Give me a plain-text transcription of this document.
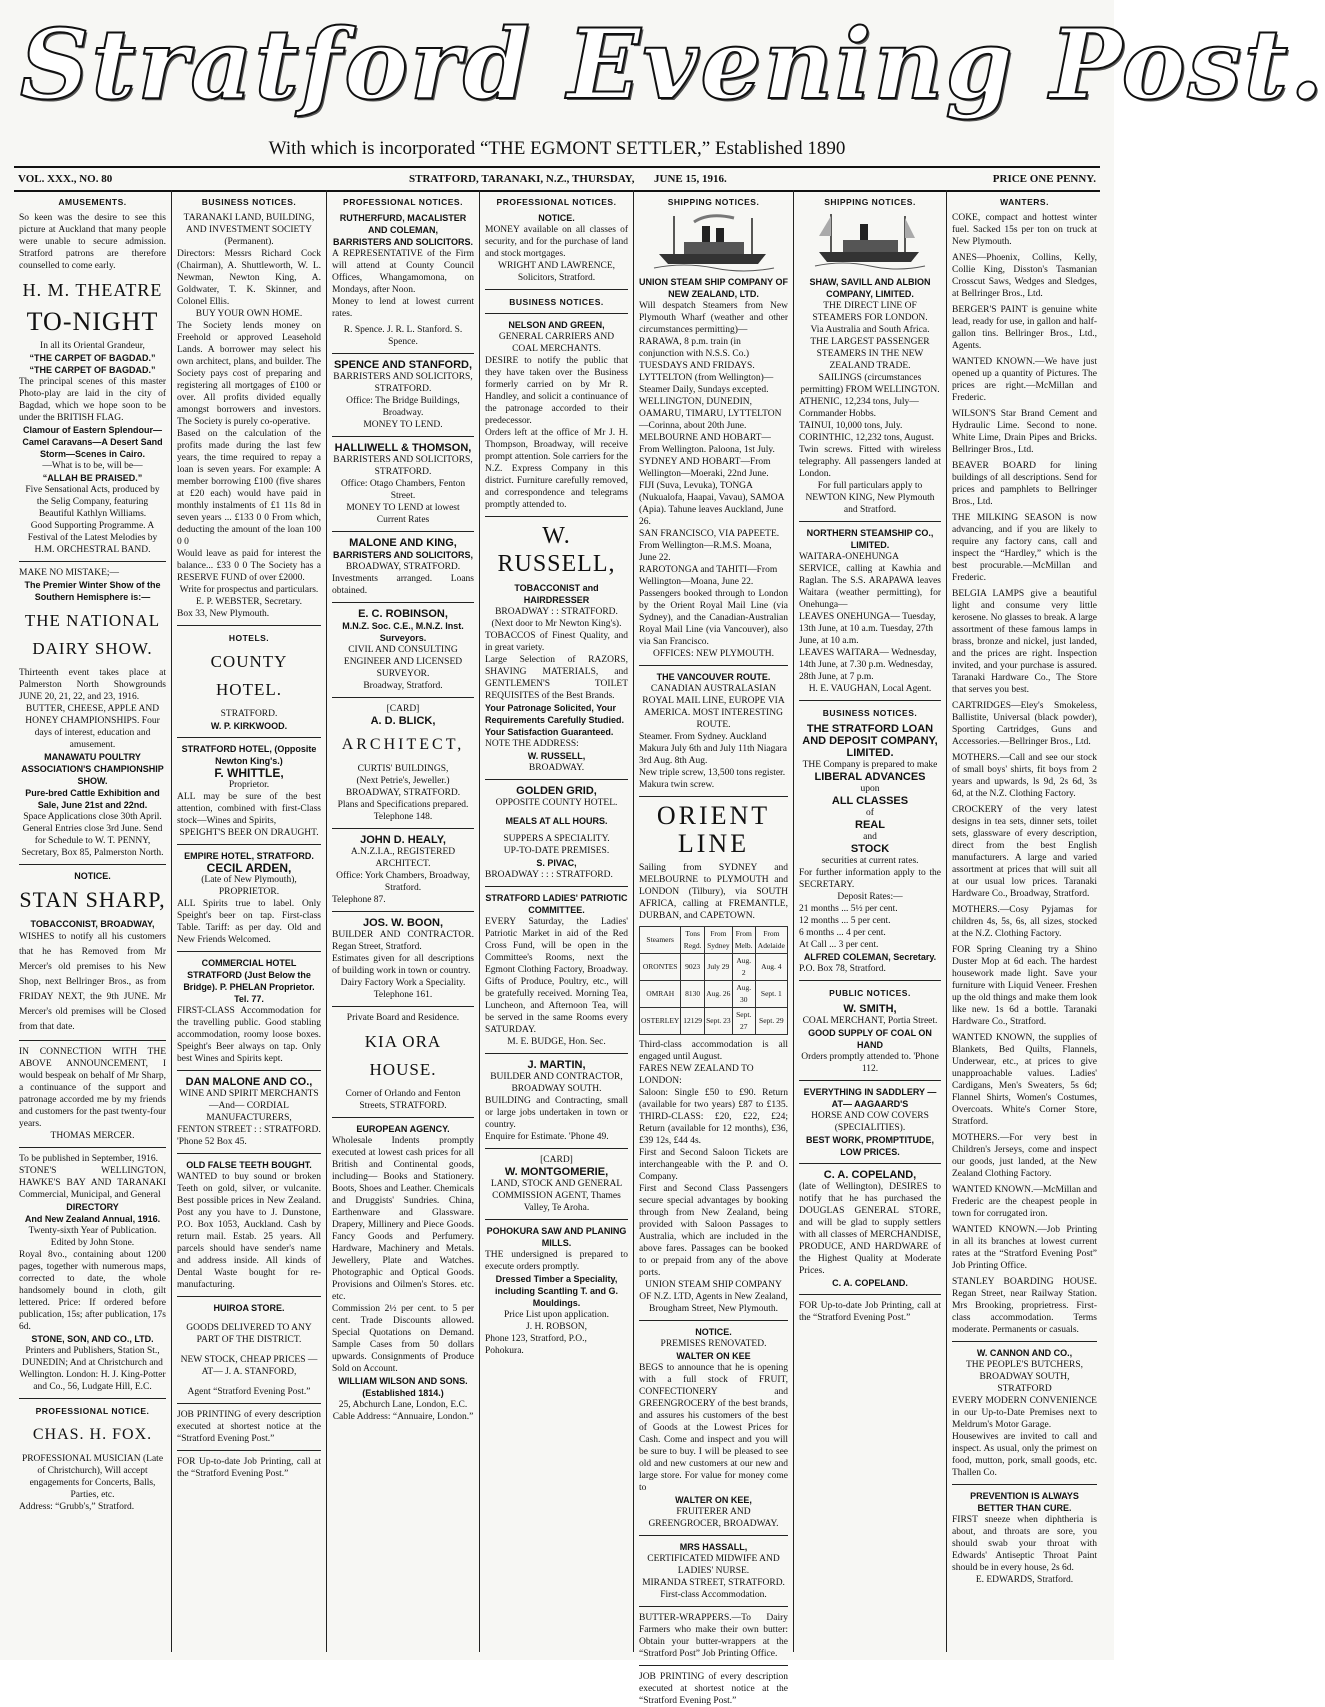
Stratford Evening Post.
With which is incorporated “THE EGMONT SETTLER,” Established 1890
VOL. XXX., NO. 80	STRATFORD, TARANAKI, N.Z., THURSDAY, JUNE 15, 1916.	PRICE ONE PENNY.
AMUSEMENTS.
So keen was the desire to see this picture at Auckland that many people were unable to secure admission. Stratford patrons are therefore counselled to come early.
H. M. THEATRE
TO-NIGHT
In all its Oriental Grandeur,
“THE CARPET OF BAGDAD.”
“THE CARPET OF BAGDAD.”
The principal scenes of this master Photo-play are laid in the city of Bagdad, which we hope soon to be under the BRITISH FLAG.
Clamour of Eastern Splendour—Camel Caravans—A Desert Sand Storm—Scenes in Cairo.
—What is to be, will be—
“ALLAH BE PRAISED.”
Five Sensational Acts, produced by the Selig Company, featuring Beautiful Kathlyn Williams.
Good Supporting Programme. A Festival of the Latest Melodies by H.M. ORCHESTRAL BAND.
MAKE NO MISTAKE;—
The Premier Winter Show of the Southern Hemisphere is:—
THE NATIONAL DAIRY SHOW.
Thirteenth event takes place at Palmerston North Showgrounds JUNE 20, 21, 22, and 23, 1916.
BUTTER, CHEESE, APPLE AND HONEY CHAMPIONSHIPS. Four days of interest, education and amusement.
MANAWATU POULTRY ASSOCIATION'S CHAMPIONSHIP SHOW.
Pure-bred Cattle Exhibition and Sale, June 21st and 22nd.
Space Applications close 30th April. General Entries close 3rd June. Send for Schedule to W. T. PENNY, Secretary, Box 85, Palmerston North.
NOTICE.
STAN SHARP,
TOBACCONIST, BROADWAY,
WISHES to notify all his customers that he has Removed from Mr Mercer's old premises to his New Shop, next Bellringer Bros., as from FRIDAY NEXT, the 9th JUNE. Mr Mercer's old premises will be Closed from that date.
IN CONNECTION WITH THE ABOVE ANNOUNCEMENT, I would bespeak on behalf of Mr Sharp, a continuance of the support and patronage accorded me by my friends and customers for the past twenty-four years.
THOMAS MERCER.
To be published in September, 1916.
STONE'S WELLINGTON, HAWKE'S BAY AND TARANAKI Commercial, Municipal, and General
DIRECTORY
And New Zealand Annual, 1916.
Twenty-sixth Year of Publication. Edited by John Stone.
Royal 8vo., containing about 1200 pages, together with numerous maps, corrected to date, the whole handsomely bound in cloth, gilt lettered. Price: If ordered before publication, 15s; after publication, 17s 6d.
STONE, SON, AND CO., LTD.
Printers and Publishers, Station St., DUNEDIN; And at Christchurch and Wellington. London: H. J. King-Potter and Co., 56, Ludgate Hill, E.C.
PROFESSIONAL NOTICE.
CHAS. H. FOX.
PROFESSIONAL MUSICIAN (Late of Christchurch), Will accept engagements for Concerts, Balls, Parties, etc.
Address: “Grubb's,” Stratford.
BUSINESS NOTICES.
TARANAKI LAND, BUILDING, AND INVESTMENT SOCIETY (Permanent).
Directors: Messrs Richard Cock (Chairman), A. Shuttleworth, W. L. Newman, Newton King, A. Goldwater, T. K. Skinner, and Colonel Ellis.
BUY YOUR OWN HOME.
The Society lends money on Freehold or approved Leasehold Lands. A borrower may select his own architect, plans, and builder. The Society pays cost of preparing and registering all mortgages of £100 or over. All profits divided equally amongst borrowers and investors. The Society is purely co-operative.
Based on the calculation of the profits made during the last few years, the time required to repay a loan is seven years. For example: A member borrowing £100 (five shares at £20 each) would have paid in monthly instalments of £1 11s 8d in seven years ... £133 0 0 From which, deducting the amount of the loan 100 0 0
Would leave as paid for interest the balance... £33 0 0 The Society has a RESERVE FUND of over £2000.
Write for prospectus and particulars. E. P. WEBSTER, Secretary.
Box 33, New Plymouth.
HOTELS.
COUNTY HOTEL.
STRATFORD.
W. P. KIRKWOOD.
STRATFORD HOTEL, (Opposite Newton King's.)
F. WHITTLE,
Proprietor.
ALL may be sure of the best attention, combined with first-Class stock—Wines and Spirits,
SPEIGHT'S BEER ON DRAUGHT.
EMPIRE HOTEL, STRATFORD.
CECIL ARDEN,
(Late of New Plymouth), PROPRIETOR.
ALL Spirits true to label. Only Speight's beer on tap. First-class Table. Tariff: as per day. Old and New Friends Welcomed.
COMMERCIAL HOTEL STRATFORD (Just Below the Bridge). P. PHELAN Proprietor. Tel. 77.
FIRST-CLASS Accommodation for the travelling public. Good stabling accommodation, roomy loose boxes. Speight's Beer always on tap. Only best Wines and Spirits kept.
DAN MALONE AND CO.,
WINE AND SPIRIT MERCHANTS —And— CORDIAL MANUFACTURERS,
FENTON STREET : : STRATFORD.
'Phone 52 Box 45.
OLD FALSE TEETH BOUGHT.
WANTED to buy sound or broken Teeth on gold, silver, or vulcanite. Best possible prices in New Zealand. Post any you have to J. Dunstone, P.O. Box 1053, Auckland. Cash by return mail. Estab. 25 years. All parcels should have sender's name and address inside. All kinds of Dental Waste bought for re-manufacturing.
HUIROA STORE.
GOODS DELIVERED TO ANY PART OF THE DISTRICT.
NEW STOCK, CHEAP PRICES —AT— J. A. STANFORD,
Agent “Stratford Evening Post.”
JOB PRINTING of every description executed at shortest notice at the “Stratford Evening Post.”
FOR Up-to-date Job Printing, call at the “Stratford Evening Post.”
PROFESSIONAL NOTICES.
RUTHERFURD, MACALISTER AND COLEMAN,
BARRISTERS AND SOLICITORS.
A REPRESENTATIVE of the Firm will attend at County Council Offices, Whangamomona, on Mondays, after Noon.
Money to lend at lowest current rates.
R. Spence. J. R. L. Stanford. S. Spence.
SPENCE AND STANFORD,
BARRISTERS AND SOLICITORS, STRATFORD.
Office: The Bridge Buildings, Broadway.
MONEY TO LEND.
HALLIWELL & THOMSON,
BARRISTERS AND SOLICITORS, STRATFORD.
Office: Otago Chambers, Fenton Street.
MONEY TO LEND at lowest Current Rates
MALONE AND KING,
BARRISTERS AND SOLICITORS,
BROADWAY, STRATFORD.
Investments arranged. Loans obtained.
E. C. ROBINSON,
M.N.Z. Soc. C.E., M.N.Z. Inst. Surveyors.
CIVIL AND CONSULTING ENGINEER AND LICENSED SURVEYOR.
Broadway, Stratford.
[CARD]
A. D. BLICK,
ARCHITECT,
CURTIS' BUILDINGS,
(Next Petrie's, Jeweller.) BROADWAY, STRATFORD.
Plans and Specifications prepared. Telephone 148.
JOHN D. HEALY,
A.N.Z.I.A., REGISTERED ARCHITECT.
Office: York Chambers, Broadway, Stratford.
Telephone 87.
JOS. W. BOON,
BUILDER AND CONTRACTOR. Regan Street, Stratford.
Estimates given for all descriptions of building work in town or country.
Dairy Factory Work a Speciality. Telephone 161.
Private Board and Residence.
KIA ORA HOUSE.
Corner of Orlando and Fenton Streets, STRATFORD.
EUROPEAN AGENCY.
Wholesale Indents promptly executed at lowest cash prices for all British and Continental goods, including— Books and Stationery. Boots, Shoes and Leather. Chemicals and Druggists' Sundries. China, Earthenware and Glassware. Drapery, Millinery and Piece Goods. Fancy Goods and Perfumery. Hardware, Machinery and Metals. Jewellery, Plate and Watches. Photographic and Optical Goods. Provisions and Oilmen's Stores. etc. etc.
Commission 2½ per cent. to 5 per cent. Trade Discounts allowed. Special Quotations on Demand. Sample Cases from 50 dollars upwards. Consignments of Produce Sold on Account.
WILLIAM WILSON AND SONS. (Established 1814.)
25, Abchurch Lane, London, E.C. Cable Address: “Annuaire, London.”
PROFESSIONAL NOTICES.
NOTICE.
MONEY available on all classes of security, and for the purchase of land and stock mortgages.
WRIGHT AND LAWRENCE, Solicitors, Stratford.
BUSINESS NOTICES.
NELSON AND GREEN,
GENERAL CARRIERS AND COAL MERCHANTS.
DESIRE to notify the public that they have taken over the Business formerly carried on by Mr R. Handley, and solicit a continuance of the patronage accorded to their predecessor.
Orders left at the office of Mr J. H. Thompson, Broadway, will receive prompt attention. Sole carriers for the N.Z. Express Company in this district. Furniture carefully removed, and correspondence and telegrams promptly attended to.
W. RUSSELL,
TOBACCONIST and HAIRDRESSER
BROADWAY : : STRATFORD.
(Next door to Mr Newton King's).
TOBACCOS of Finest Quality, and in great variety.
Large Selection of RAZORS, SHAVING MATERIALS, and GENTLEMEN'S TOILET REQUISITES of the Best Brands.
Your Patronage Solicited, Your Requirements Carefully Studied. Your Satisfaction Guaranteed.
NOTE THE ADDRESS:
W. RUSSELL,
BROADWAY.
GOLDEN GRID,
OPPOSITE COUNTY HOTEL.
MEALS AT ALL HOURS.
SUPPERS A SPECIALITY.
UP-TO-DATE PREMISES.
S. PIVAC,
BROADWAY : : : STRATFORD.
STRATFORD LADIES' PATRIOTIC COMMITTEE.
EVERY Saturday, the Ladies' Patriotic Market in aid of the Red Cross Fund, will be open in the Committee's Rooms, next the Egmont Clothing Factory, Broadway. Gifts of Produce, Poultry, etc., will be gratefully received. Morning Tea, Luncheon, and Afternoon Tea, will be served in the same Rooms every SATURDAY.
M. E. BUDGE, Hon. Sec.
J. MARTIN,
BUILDER AND CONTRACTOR,
BROADWAY SOUTH.
BUILDING and Contracting, small or large jobs undertaken in town or country.
Enquire for Estimate. 'Phone 49.
[CARD]
W. MONTGOMERIE,
LAND, STOCK AND GENERAL COMMISSION AGENT, Thames Valley, Te Aroha.
POHOKURA SAW AND PLANING MILLS.
THE undersigned is prepared to execute orders promptly.
Dressed Timber a Speciality, including Scantling T. and G. Mouldings.
Price List upon application.
J. H. ROBSON,
Phone 123, Stratford, P.O., Pohokura.
SHIPPING NOTICES.
UNION STEAM SHIP COMPANY OF NEW ZEALAND, LTD.
Will despatch Steamers from New Plymouth Wharf (weather and other circumstances permitting)—
RARAWA, 8 p.m. train (in conjunction with N.S.S. Co.) TUESDAYS AND FRIDAYS.
LYTTELTON (from Wellington)—Steamer Daily, Sundays excepted.
WELLINGTON, DUNEDIN, OAMARU, TIMARU, LYTTELTON—Corinna, about 20th June.
MELBOURNE AND HOBART—From Wellington. Paloona, 1st July.
SYDNEY AND HOBART—From Wellington—Moeraki, 22nd June.
FIJI (Suva, Levuka), TONGA (Nukualofa, Haapai, Vavau), SAMOA (Apia). Tahune leaves Auckland, June 26.
SAN FRANCISCO, VIA PAPEETE. From Wellington—R.M.S. Moana, June 22.
RAROTONGA and TAHITI—From Wellington—Moana, June 22.
Passengers booked through to London by the Orient Royal Mail Line (via Sydney), and the Canadian-Australian Royal Mail Line (via Vancouver), also via San Francisco.
OFFICES: NEW PLYMOUTH.
THE VANCOUVER ROUTE.
CANADIAN AUSTRALASIAN ROYAL MAIL LINE, EUROPE VIA AMERICA. MOST INTERESTING ROUTE.
Steamer. From Sydney. Auckland Makura July 6th and July 11th Niagara 3rd Aug. 8th Aug.
New triple screw, 13,500 tons register. Makura twin screw.
ORIENT LINE
Sailing from SYDNEY and MELBOURNE to PLYMOUTH and LONDON (Tilbury), via SOUTH AFRICA, calling at FREMANTLE, DURBAN, and CAPETOWN.
Steamers	Tons Regd.	From Sydney	From Melb.	From Adelaide
ORONTES	9023	July 29	Aug. 2	Aug. 4
OMRAH	8130	Aug. 26	Aug. 30	Sept. 1
OSTERLEY	12129	Sept. 23	Sept. 27	Sept. 29
Third-class accommodation is all engaged until August.
FARES NEW ZEALAND TO LONDON:
Saloon: Single £50 to £90. Return (available for two years) £87 to £135. THIRD-CLASS: £20, £22, £24; Return (available for 12 months), £36, £39 12s, £44 4s.
First and Second Saloon Tickets are interchangeable with the P. and O. Company.
First and Second Class Passengers secure special advantages by booking through from New Zealand, being provided with Saloon Passages to Australia, which are included in the above fares. Passages can be booked to or prepaid from any of the above ports.
UNION STEAM SHIP COMPANY OF N.Z. LTD, Agents in New Zealand, Brougham Street, New Plymouth.
NOTICE.
PREMISES RENOVATED.
WALTER ON KEE
BEGS to announce that he is opening with a full stock of FRUIT, CONFECTIONERY and GREENGROCERY of the best brands, and assures his customers of the best of Goods at the Lowest Prices for Cash. Come and inspect and you will be sure to buy. I will be pleased to see old and new customers at our new and large store. For value for money come to
WALTER ON KEE,
FRUITERER AND GREENGROCER, BROADWAY.
MRS HASSALL,
CERTIFICATED MIDWIFE AND LADIES' NURSE.
MIRANDA STREET, STRATFORD. First-class Accommodation.
BUTTER-WRAPPERS.—To Dairy Farmers who make their own butter: Obtain your butter-wrappers at the “Stratford Post” Job Printing Office.
JOB PRINTING of every description executed at shortest notice at the “Stratford Evening Post.”
SHIPPING NOTICES.
SHAW, SAVILL AND ALBION COMPANY, LIMITED.
THE DIRECT LINE OF STEAMERS FOR LONDON.
Via Australia and South Africa.
THE LARGEST PASSENGER STEAMERS IN THE NEW ZEALAND TRADE.
SAILINGS (circumstances permitting) FROM WELLINGTON.
ATHENIC, 12,234 tons, July—Cornmander Hobbs.
TAINUI, 10,000 tons, July.
CORINTHIC, 12,232 tons, August.
Twin screws. Fitted with wireless telegraphy. All passengers landed at London.
For full particulars apply to NEWTON KING, New Plymouth and Stratford.
NORTHERN STEAMSHIP CO., LIMITED.
WAITARA-ONEHUNGA SERVICE, calling at Kawhia and Raglan. The S.S. ARAPAWA leaves Waitara (weather permitting), for Onehunga—
LEAVES ONEHUNGA— Tuesday, 13th June, at 10 a.m. Tuesday, 27th June, at 10 a.m.
LEAVES WAITARA— Wednesday, 14th June, at 7.30 p.m. Wednesday, 28th June, at 7 p.m.
H. E. VAUGHAN, Local Agent.
BUSINESS NOTICES.
THE STRATFORD LOAN AND DEPOSIT COMPANY, LIMITED.
THE Company is prepared to make
LIBERAL ADVANCES
upon
ALL CLASSES
of
REAL
and
STOCK
securities at current rates.
For further information apply to the SECRETARY.
Deposit Rates:—
21 months ... 5½ per cent.
12 months ... 5 per cent.
6 months ... 4 per cent.
At Call ... 3 per cent.
ALFRED COLEMAN, Secretary.
P.O. Box 78, Stratford.
PUBLIC NOTICES.
W. SMITH,
COAL MERCHANT, Portia Street.
GOOD SUPPLY OF COAL ON HAND
Orders promptly attended to. 'Phone 112.
EVERYTHING IN SADDLERY —AT— AAGAARD'S
HORSE AND COW COVERS (SPECIALITIES).
BEST WORK, PROMPTITUDE, LOW PRICES.
C. A. COPELAND,
(late of Wellington), DESIRES to notify that he has purchased the DOUGLAS GENERAL STORE, and will be glad to supply settlers with all classes of MERCHANDISE, PRODUCE, AND HARDWARE of the Highest Quality at Moderate Prices.
C. A. COPELAND.
FOR Up-to-date Job Printing, call at the “Stratford Evening Post.”
WANTERS.
COKE, compact and hottest winter fuel. Sacked 15s per ton on truck at New Plymouth.
ANES—Phoenix, Collins, Kelly, Collie King, Disston's Tasmanian Crosscut Saws, Wedges and Sledges, at Bellringer Bros., Ltd.
BERGER'S PAINT is genuine white lead, ready for use, in gallon and half-gallon tins. Bellringer Bros., Ltd., Agents.
WANTED KNOWN.—We have just opened up a quantity of Pictures. The prices are right.—McMillan and Frederic.
WILSON'S Star Brand Cement and Hydraulic Lime. Second to none. White Lime, Drain Pipes and Bricks. Bellringer Bros., Ltd.
BEAVER BOARD for lining buildings of all descriptions. Send for prices and pamphlets to Bellringer Bros., Ltd.
THE MILKING SEASON is now advancing, and if you are likely to require any factory cans, call and inspect the “Hardley,” which is the best procurable.—McMillan and Frederic.
BELGIA LAMPS give a beautiful light and consume very little kerosene. No glasses to break. A large assortment of these famous lamps in brass, bronze and nickel, just landed, and the prices are right. Inspection invited, and your purchase is assured. Taranaki Hardware Co., The Store that serves you best.
CARTRIDGES—Eley's Smokeless, Ballistite, Universal (black powder), Sporting Cartridges, Guns and Accessories.—Bellringer Bros., Ltd.
MOTHERS.—Call and see our stock of small boys' shirts, fit boys from 2 years and upwards, ls 9d, 2s 6d, 3s 6d, at the N.Z. Clothing Factory.
CROCKERY of the very latest designs in tea sets, dinner sets, toilet sets, glassware of every description, direct from the best English manufacturers. A large and varied assortment at prices that will suit all at our usual low prices. Taranaki Hardware Co., Broadway, Stratford.
MOTHERS.—Cosy Pyjamas for children 4s, 5s, 6s, all sizes, stocked at the N.Z. Clothing Factory.
FOR Spring Cleaning try a Shino Duster Mop at 6d each. The hardest housework made light. Save your furniture with Liquid Veneer. Freshen up the old things and make them look like new. 1s 6d a bottle. Taranaki Hardware Co., Stratford.
WANTED KNOWN, the supplies of Blankets, Bed Quilts, Flannels, Underwear, etc., at prices to give unapproachable values. Ladies' Cardigans, Men's Sweaters, 5s 6d; Flannel Shirts, Women's Costumes, Overcoats. White's Corner Store, Stratford.
MOTHERS.—For very best in Children's Jerseys, come and inspect our goods, just landed, at the New Zealand Clothing Factory.
WANTED KNOWN.—McMillan and Frederic are the cheapest people in town for corrugated iron.
WANTED KNOWN.—Job Printing in all its branches at lowest current rates at the “Stratford Evening Post” Job Printing Office.
STANLEY BOARDING HOUSE. Regan Street, near Railway Station. Mrs Brooking, proprietress. First-class accommodation. Terms moderate. Permanents or casuals.
W. CANNON AND CO.,
THE PEOPLE'S BUTCHERS, BROADWAY SOUTH, STRATFORD
EVERY MODERN CONVENIENCE in our Up-to-Date Premises next to Meldrum's Motor Garage.
Housewives are invited to call and inspect. As usual, only the primest on food, mutton, pork, small goods, etc. Thallen Co.
PREVENTION IS ALWAYS BETTER THAN CURE.
FIRST sneeze when diphtheria is about, and throats are sore, you should swab your throat with Edwards' Antiseptic Throat Paint should be in every house, 2s 6d.
E. EDWARDS, Stratford.
